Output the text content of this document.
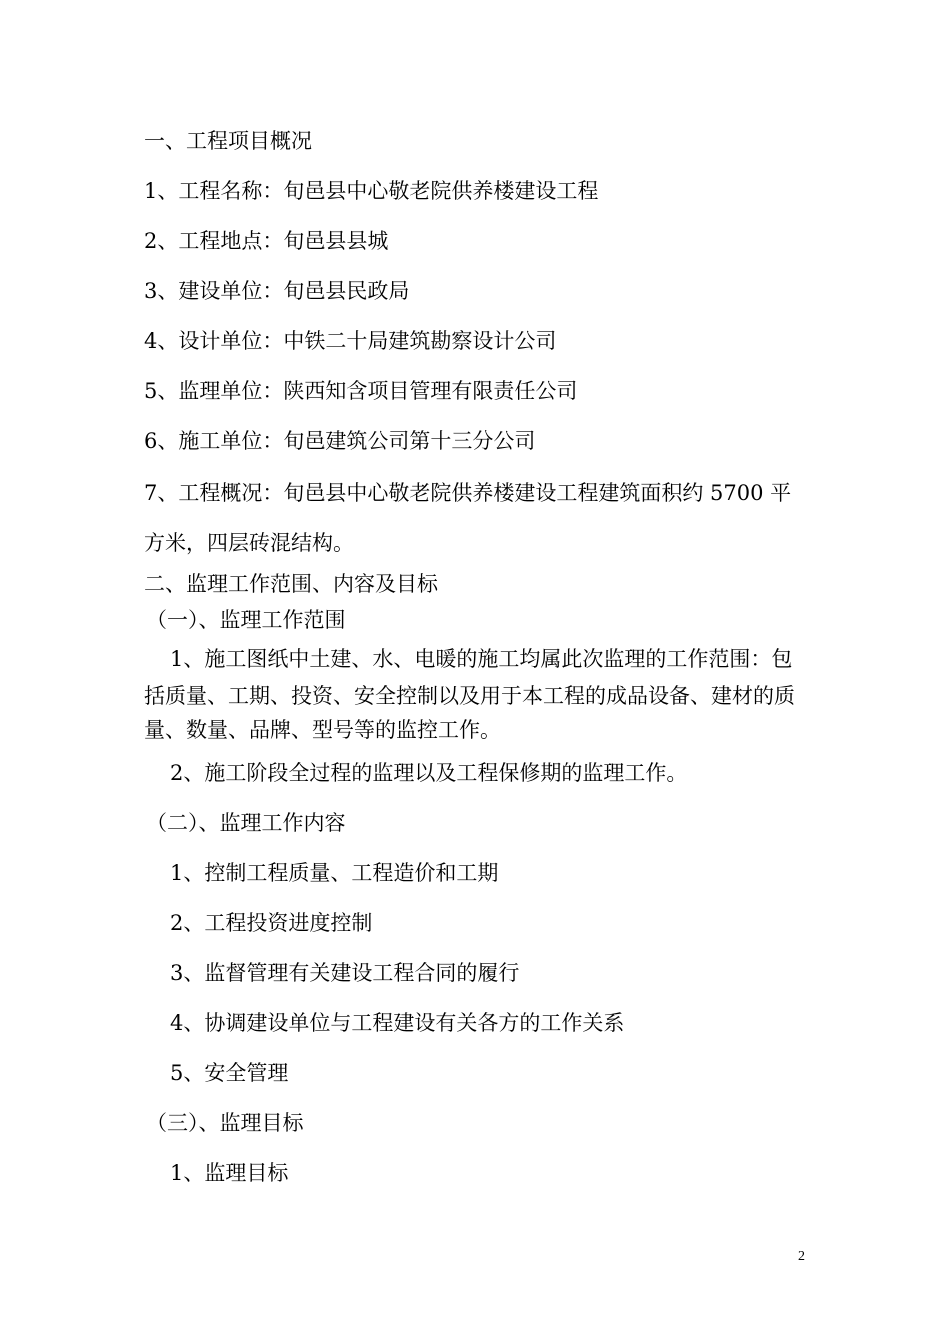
一、工程项目概况
1、工程名称：旬邑县中心敬老院供养楼建设工程
2、工程地点：旬邑县县城
3、建设单位：旬邑县民政局
4、设计单位：中铁二十局建筑勘察设计公司
5、监理单位：陕西知含项目管理有限责任公司
6、施工单位：旬邑建筑公司第十三分公司
7、工程概况：旬邑县中心敬老院供养楼建设工程建筑面积约 5700 平
方米，四层砖混结构。
二、监理工作范围、内容及目标
（一）、监理工作范围
1、施工图纸中土建、水、电暖的施工均属此次监理的工作范围：包
括质量、工期、投资、安全控制以及用于本工程的成品设备、建材的质
量、数量、品牌、型号等的监控工作。
2、施工阶段全过程的监理以及工程保修期的监理工作。
（二）、监理工作内容
1、控制工程质量、工程造价和工期
2、工程投资进度控制
3、监督管理有关建设工程合同的履行
4、协调建设单位与工程建设有关各方的工作关系
5、安全管理
（三）、监理目标
1、监理目标
2
